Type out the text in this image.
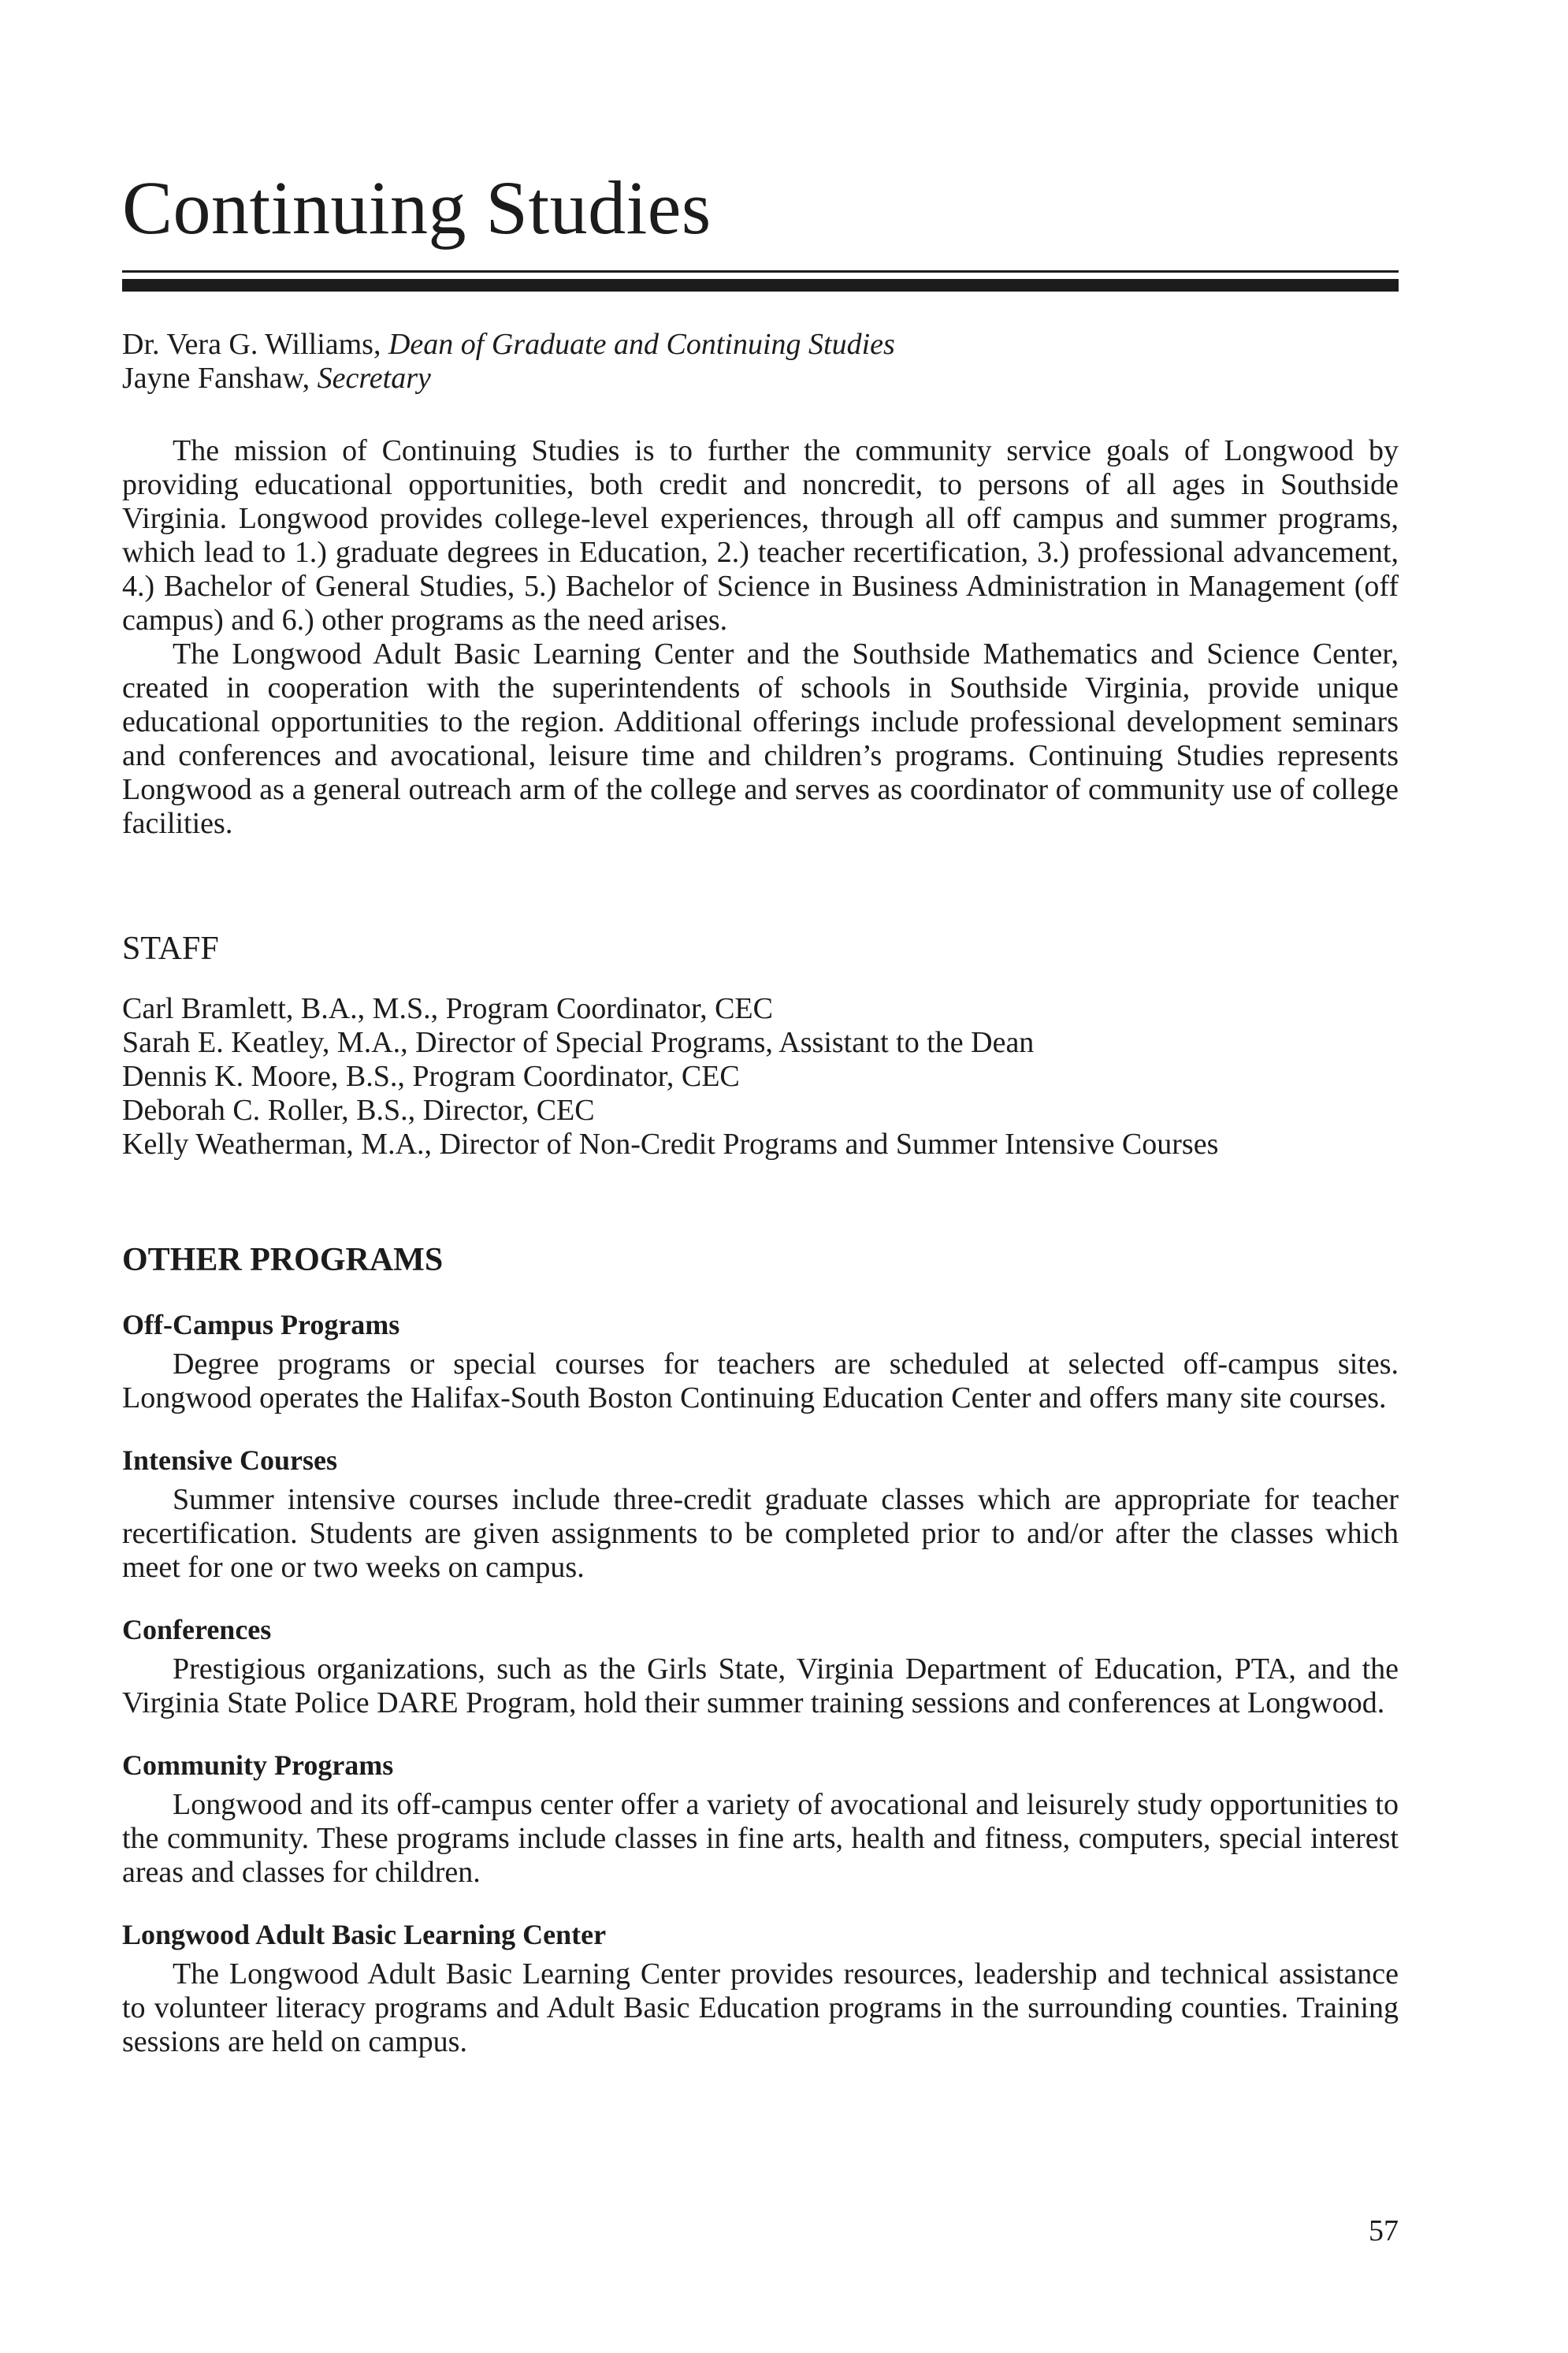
Continuing Studies
Dr. Vera G. Williams, Dean of Graduate and Continuing Studies
Jayne Fanshaw, Secretary

The mission of Continuing Studies is to further the community service goals of Longwood by providing educational opportunities, both credit and noncredit, to persons of all ages in Southside Virginia. Longwood provides college-level experiences, through all off campus and summer programs, which lead to 1.) graduate degrees in Education, 2.) teacher recertification, 3.) professional advancement, 4.) Bachelor of General Studies, 5.) Bachelor of Science in Business Administration in Management (off campus) and 6.) other programs as the need arises.

The Longwood Adult Basic Learning Center and the Southside Mathematics and Science Center, created in cooperation with the superintendents of schools in Southside Virginia, provide unique educational opportunities to the region. Additional offerings include professional development seminars and conferences and avocational, leisure time and children’s programs. Continuing Studies represents Longwood as a general outreach arm of the college and serves as coordinator of community use of college facilities.

STAFF
Carl Bramlett, B.A., M.S., Program Coordinator, CEC
Sarah E. Keatley, M.A., Director of Special Programs, Assistant to the Dean
Dennis K. Moore, B.S., Program Coordinator, CEC
Deborah C. Roller, B.S., Director, CEC
Kelly Weatherman, M.A., Director of Non-Credit Programs and Summer Intensive Courses
OTHER PROGRAMS
Off-Campus Programs

Degree programs or special courses for teachers are scheduled at selected off-campus sites. Longwood operates the Halifax-South Boston Continuing Education Center and offers many site courses.

Intensive Courses

Summer intensive courses include three-credit graduate classes which are appropriate for teacher recertification. Students are given assignments to be completed prior to and/or after the classes which meet for one or two weeks on campus.

Conferences

Prestigious organizations, such as the Girls State, Virginia Department of Education, PTA, and the Virginia State Police DARE Program, hold their summer training sessions and conferences at Longwood.

Community Programs

Longwood and its off-campus center offer a variety of avocational and leisurely study opportunities to the community. These programs include classes in fine arts, health and fitness, computers, special interest areas and classes for children.

Longwood Adult Basic Learning Center

The Longwood Adult Basic Learning Center provides resources, leadership and technical assistance to volunteer literacy programs and Adult Basic Education programs in the surrounding counties. Training sessions are held on campus.

57
